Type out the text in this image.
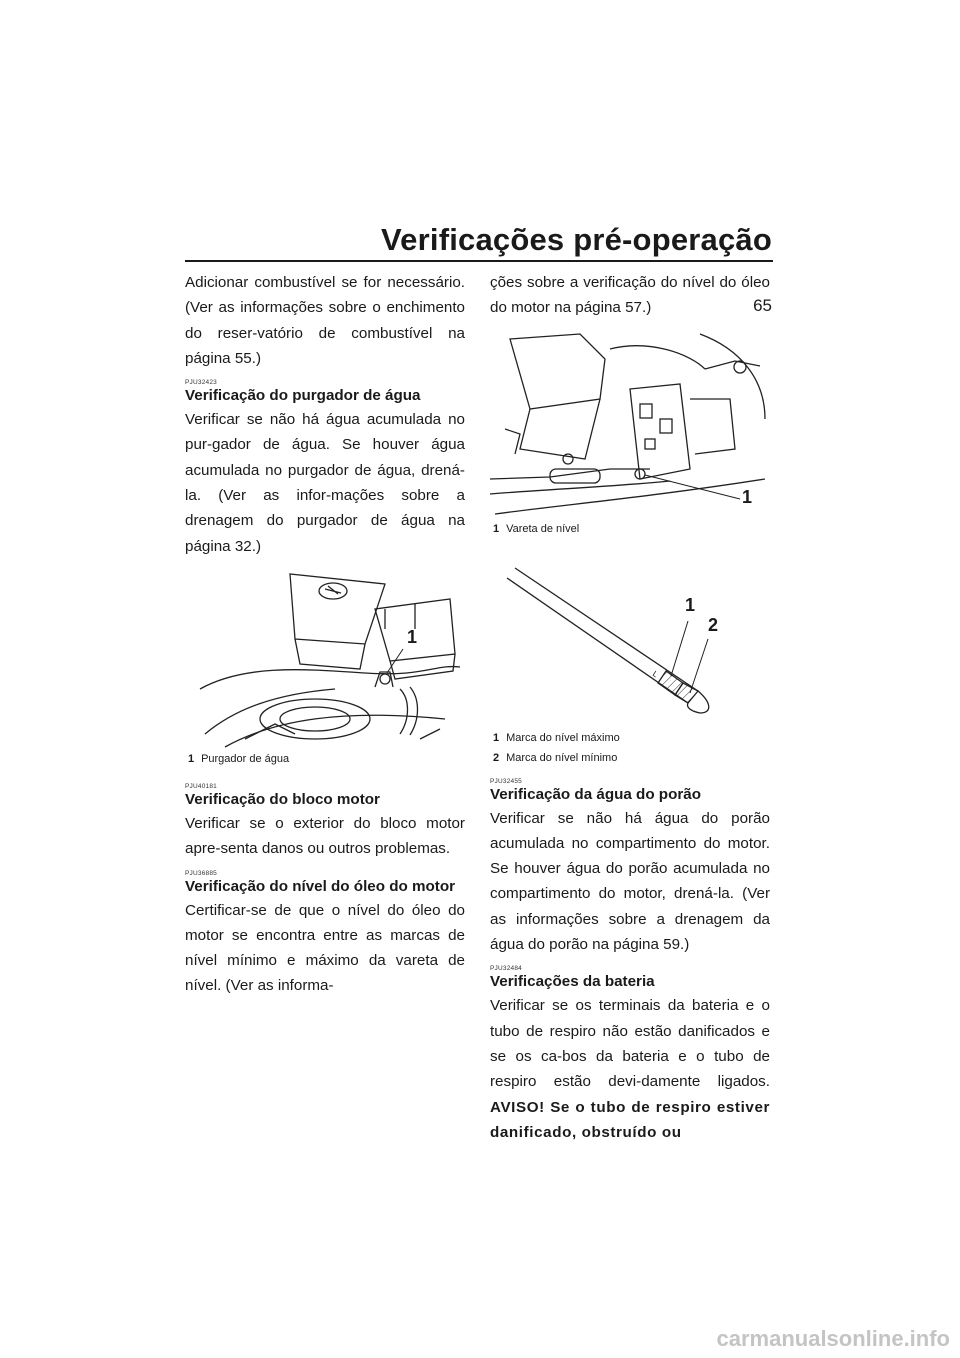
Verificações pré-operação
65

Adicionar combustível se for necessário. (Ver as informações sobre o enchimento do reser-vatório de combustível na página 55.)

PJU32423
Verificação do purgador de água

Verificar se não há água acumulada no pur-gador de água. Se houver água acumulada no purgador de água, drená-la. (Ver as infor-mações sobre a drenagem do purgador de água na página 32.)

1
1 Purgador de água
PJU40181
Verificação do bloco motor

Verificar se o exterior do bloco motor apre-senta danos ou outros problemas.

PJU36885
Verificação do nível do óleo do motor

Certificar-se de que o nível do óleo do motor se encontra entre as marcas de nível mínimo e máximo da vareta de nível. (Ver as informa-

ções sobre a verificação do nível do óleo do motor na página 57.)

1
1 Vareta de nível
L
1
2
1 Marca do nível máximo
2 Marca do nível mínimo
PJU32455
Verificação da água do porão

Verificar se não há água do porão acumulada no compartimento do motor. Se houver água do porão acumulada no compartimento do motor, drená-la. (Ver as informações sobre a drenagem da água do porão na página 59.)

PJU32484
Verificações da bateria

Verificar se os terminais da bateria e o tubo de respiro não estão danificados e se os ca-bos da bateria e o tubo de respiro estão devi-damente ligados. AVISO! Se o tubo de respiro estiver danificado, obstruído ou

carmanualsonline.info
